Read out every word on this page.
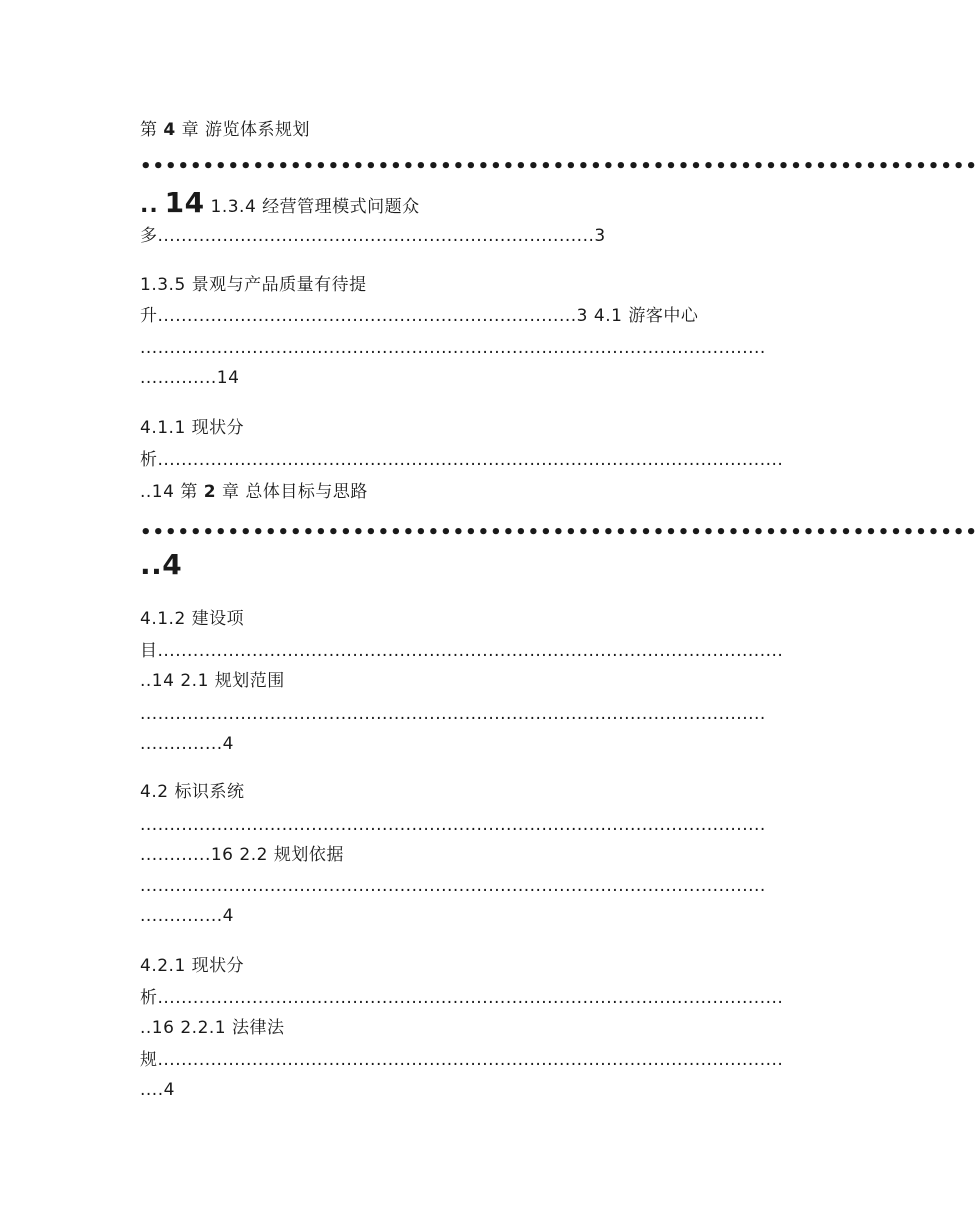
第 4 章 游览体系规划
•••••••••••••••••••••••••••••••••••••••••••••••••••••••••••••••••••
.. 14 1.3.4 经营管理模式问题众
多..........................................................................3
1.3.5 景观与产品质量有待提
升.......................................................................3 4.1 游客中心
..........................................................................................................
.............14
4.1.1 现状分
析..........................................................................................................
..14 第 2 章 总体目标与思路
•••••••••••••••••••••••••••••••••••••••••••••••••••••••••••••••••••
..4
4.1.2 建设项
目..........................................................................................................
..14 2.1 规划范围
..........................................................................................................
..............4
4.2 标识系统
..........................................................................................................
............16 2.2 规划依据
..........................................................................................................
..............4
4.2.1 现状分
析..........................................................................................................
..16 2.2.1 法律法
规..........................................................................................................
....4
